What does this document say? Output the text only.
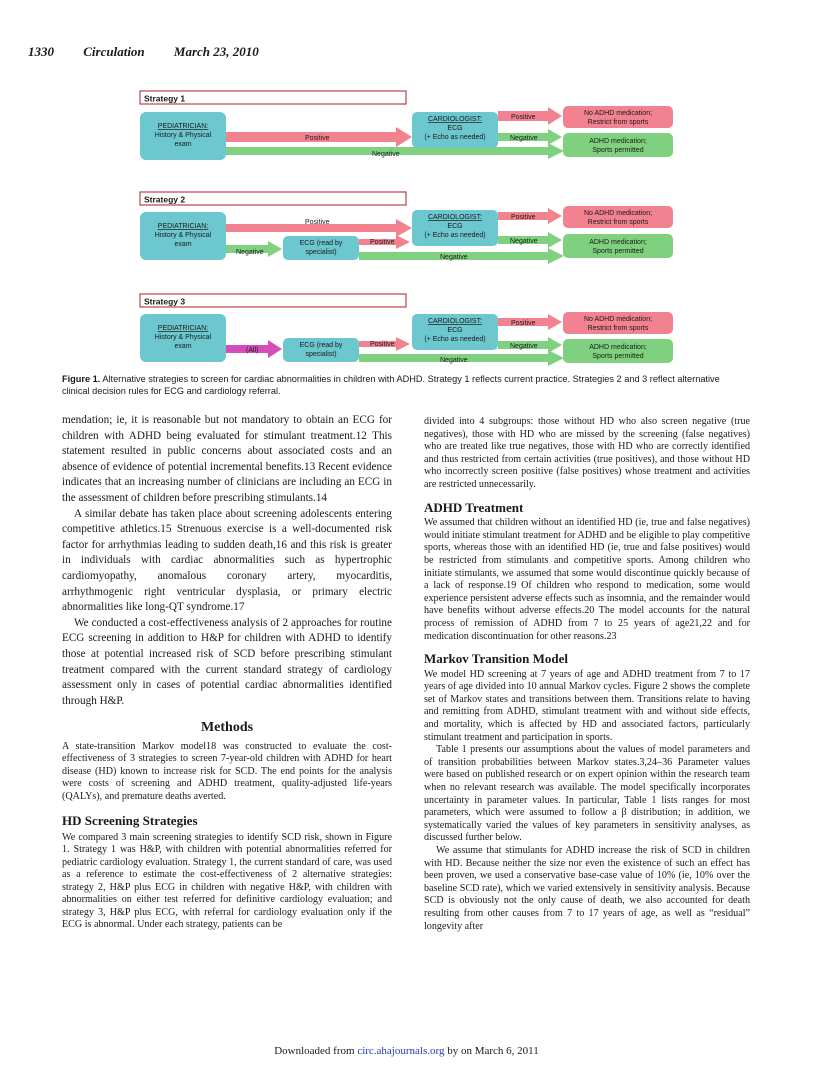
1330 Circulation March 23, 2010
Strategy 1
Positive
Negative
PEDIATRICIAN:
History & Physical
exam
CARDIOLOGIST:
ECG
(+ Echo as needed)
Positive
Negative
No ADHD medication;
Restrict from sports
ADHD medication;
Sports permitted
Strategy 2
Positive
Negative
PEDIATRICIAN:
History & Physical
exam	ECG (read by
specialist)
Positive
Negative
CARDIOLOGIST:
ECG
(+ Echo as needed)
Positive
Negative
No ADHD medication;
Restrict from sports
ADHD medication;
Sports permitted
Strategy 3
(All)
PEDIATRICIAN:
History & Physical
exam	ECG (read by
specialist)
Positive
Negative
CARDIOLOGIST:
ECG
(+ Echo as needed)
Positive
Negative
No ADHD medication;
Restrict from sports
ADHD medication;
Sports permitted
Figure 1. Alternative strategies to screen for cardiac abnormalities in children with ADHD. Strategy 1 reflects current practice. Strategies 2 and 3 reflect alternative clinical decision rules for ECG and cardiology referral.

mendation; ie, it is reasonable but not mandatory to obtain an ECG for children with ADHD being evaluated for stimulant treatment.12 This statement resulted in public concerns about associated costs and an absence of evidence of potential incremental benefits.13 Recent evidence indicates that an increasing number of clinicians are including an ECG in the assessment of children before prescribing stimulants.14

A similar debate has taken place about screening adolescents entering competitive athletics.15 Strenuous exercise is a well-documented risk factor for arrhythmias leading to sudden death,16 and this risk is greater in individuals with cardiac abnormalities such as hypertrophic cardiomyopathy, anomalous coronary artery, myocarditis, arrhythmogenic right ventricular dysplasia, or primary electric abnormalities like long-QT syndrome.17

We conducted a cost-effectiveness analysis of 2 approaches for routine ECG screening in addition to H&P for children with ADHD to identify those at potential increased risk of SCD before prescribing stimulant treatment compared with the current standard strategy of cardiology assessment only in cases of potential cardiac abnormalities identified through H&P.

Methods

A state-transition Markov model18 was constructed to evaluate the cost-effectiveness of 3 strategies to screen 7-year-old children with ADHD for heart disease (HD) known to increase risk for SCD. The end points for the analysis were costs of screening and ADHD treatment, quality-adjusted life-years (QALYs), and premature deaths averted.

HD Screening Strategies

We compared 3 main screening strategies to identify SCD risk, shown in Figure 1. Strategy 1 was H&P, with children with potential abnormalities referred for pediatric cardiology evaluation. Strategy 1, the current standard of care, was used as a reference to estimate the cost-effectiveness of 2 alternative strategies: strategy 2, H&P plus ECG in children with negative H&P, with children with abnormalities on either test referred for definitive cardiology evaluation; and strategy 3, H&P plus ECG, with referral for cardiology evaluation only if the ECG is abnormal. Under each strategy, patients can be

divided into 4 subgroups: those without HD who also screen negative (true negatives), those with HD who are missed by the screening (false negatives) who are treated like true negatives, those with HD who are correctly identified and thus restricted from certain activities (true positives), and those without HD who incorrectly screen positive (false positives) whose treatment and activities are restricted unnecessarily.

ADHD Treatment

We assumed that children without an identified HD (ie, true and false negatives) would initiate stimulant treatment for ADHD and be eligible to play competitive sports, whereas those with an identified HD (ie, true and false positives) would be restricted from stimulants and competitive sports. Among children who initiate stimulants, we assumed that some would discontinue quickly because of a lack of response.19 Of children who respond to medication, some would experience persistent adverse effects such as insomnia, and the remainder would have benefits without adverse effects.20 The model accounts for the natural process of remission of ADHD from 7 to 25 years of age21,22 and for medication discontinuation for other reasons.23

Markov Transition Model

We model HD screening at 7 years of age and ADHD treatment from 7 to 17 years of age divided into 10 annual Markov cycles. Figure 2 shows the complete set of Markov states and transitions between them. Transitions relate to having and remitting from ADHD, stimulant treatment with and without side effects, and mortality, which is affected by HD and associated factors, particularly stimulant treatment and participation in sports.

Table 1 presents our assumptions about the values of model parameters and of transition probabilities between Markov states.3,24–36 Parameter values were based on published research or on expert opinion within the research team when no relevant research was available. The model specifically incorporates uncertainty in parameter values. In particular, Table 1 lists ranges for most parameters, which were assumed to follow a β distribution; in addition, we systematically varied the values of key parameters in sensitivity analyses, as discussed further below.

We assume that stimulants for ADHD increase the risk of SCD in children with HD. Because neither the size nor even the existence of such an effect has been proven, we used a conservative base-case value of 10% (ie, 10% over the baseline SCD rate), which we varied extensively in sensitivity analysis. Because SCD is obviously not the only cause of death, we also accounted for death resulting from other causes from 7 to 17 years of age, as well as “residual” longevity after

Downloaded from circ.ahajournals.org by on March 6, 2011
